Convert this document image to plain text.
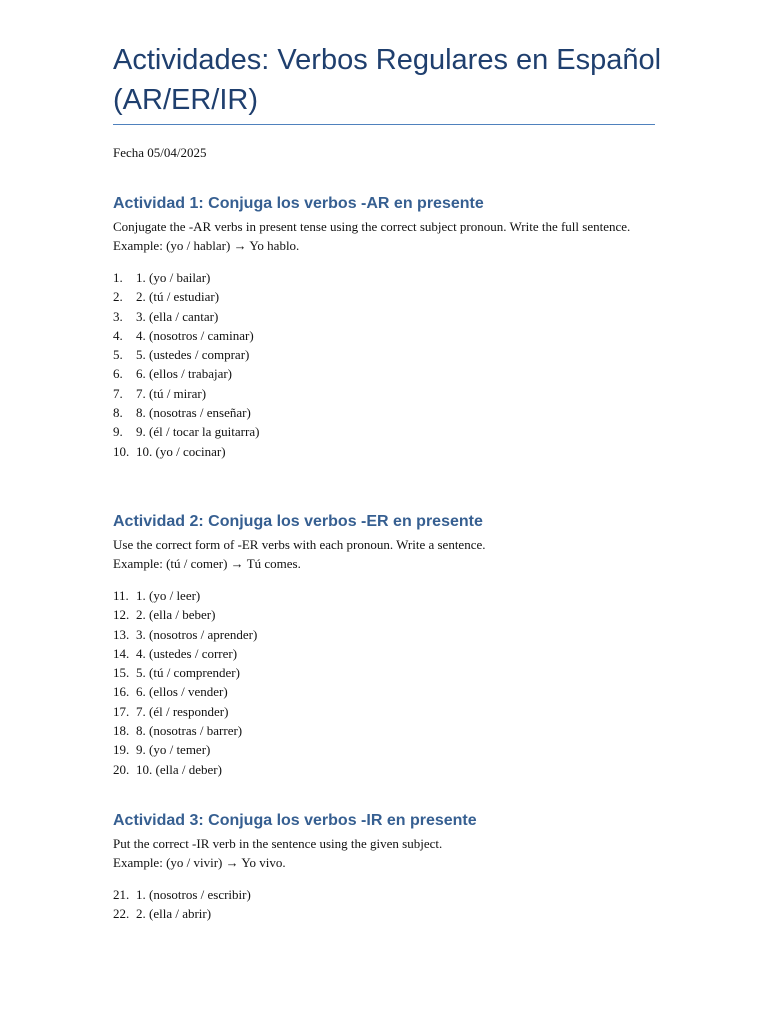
Actividades: Verbos Regulares en Español (AR/ER/IR)

Fecha 05/04/2025

Actividad 1: Conjuga los verbos -AR en presente

Conjugate the -AR verbs in present tense using the correct subject pronoun. Write the full sentence.
Example: (yo / hablar) → Yo hablo.

1.	1. (yo / bailar)
2.	2. (tú / estudiar)
3.	3. (ella / cantar)
4.	4. (nosotros / caminar)
5.	5. (ustedes / comprar)
6.	6. (ellos / trabajar)
7.	7. (tú / mirar)
8.	8. (nosotras / enseñar)
9.	9. (él / tocar la guitarra)
10. 10. (yo / cocinar)
Actividad 2: Conjuga los verbos -ER en presente

Use the correct form of -ER verbs with each pronoun. Write a sentence.
Example: (tú / comer) → Tú comes.

11. 1. (yo / leer)
12. 2. (ella / beber)
13. 3. (nosotros / aprender)
14. 4. (ustedes / correr)
15. 5. (tú / comprender)
16. 6. (ellos / vender)
17. 7. (él / responder)
18. 8. (nosotras / barrer)
19. 9. (yo / temer)
20. 10. (ella / deber)
Actividad 3: Conjuga los verbos -IR en presente

Put the correct -IR verb in the sentence using the given subject.
Example: (yo / vivir) → Yo vivo.

21. 1. (nosotros / escribir)
22. 2. (ella / abrir)
